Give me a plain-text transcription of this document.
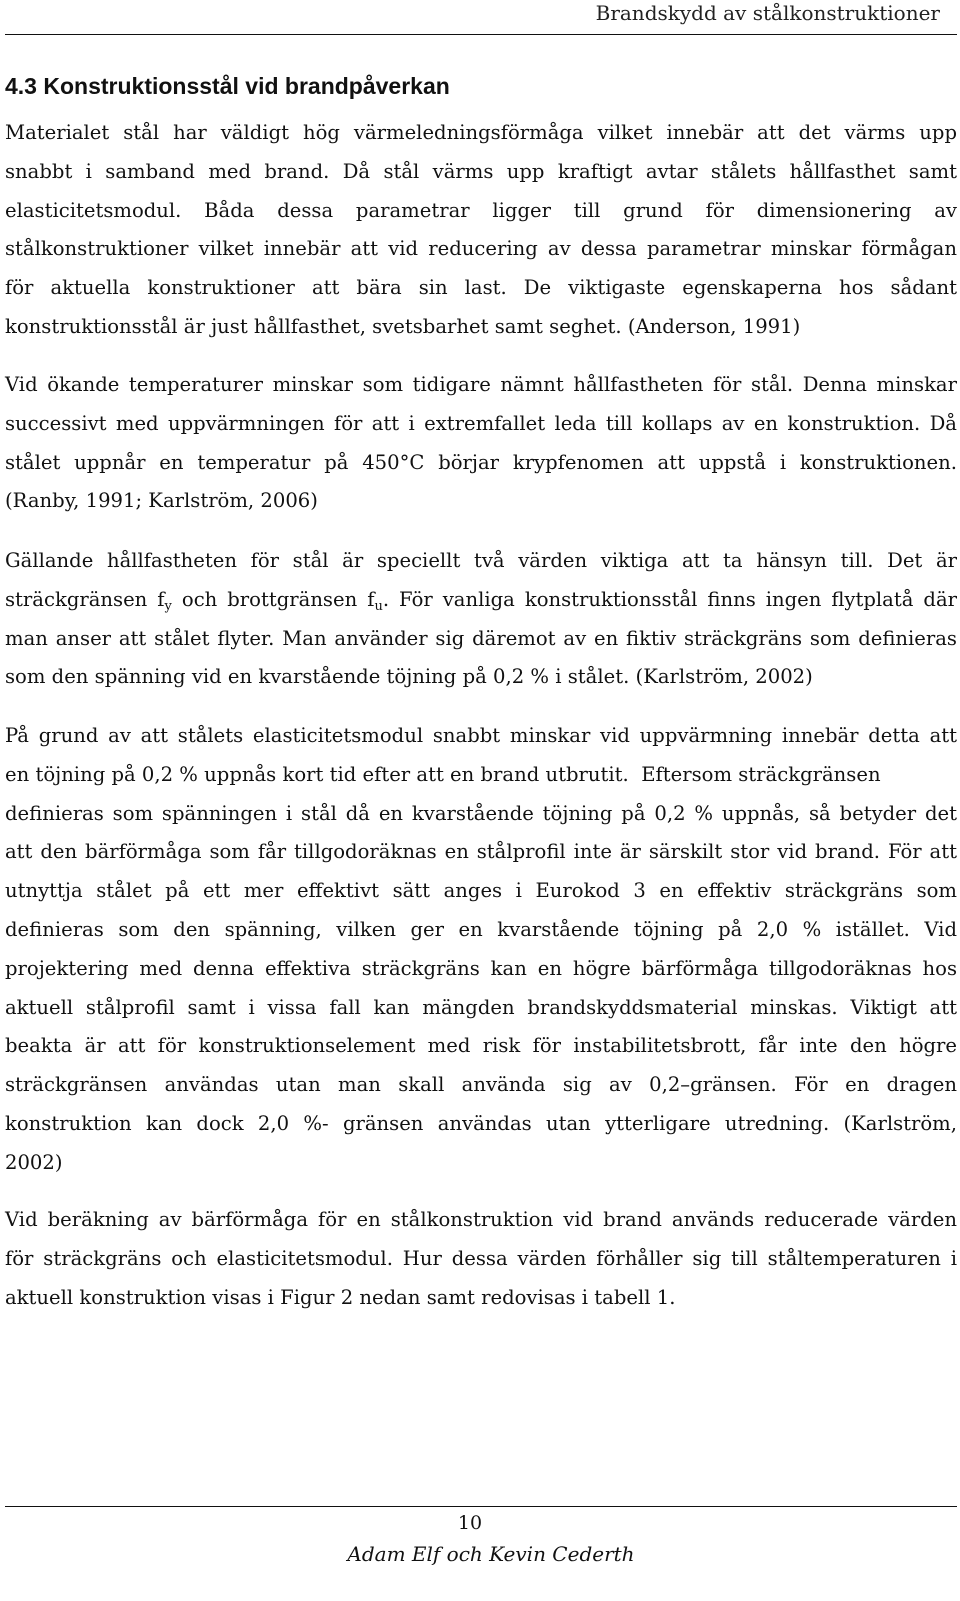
Brandskydd av stålkonstruktioner
4.3 Konstruktionsstål vid brandpåverkan
Materialet stål har väldigt hög värmeledningsförmåga vilket innebär att det värms upp
snabbt i samband med brand. Då stål värms upp kraftigt avtar stålets hållfasthet samt
elasticitetsmodul. Båda dessa parametrar ligger till grund för dimensionering av
stålkonstruktioner vilket innebär att vid reducering av dessa parametrar minskar förmågan
för aktuella konstruktioner att bära sin last. De viktigaste egenskaperna hos sådant
konstruktionsstål är just hållfasthet, svetsbarhet samt seghet. (Anderson, 1991)
Vid ökande temperaturer minskar som tidigare nämnt hållfastheten för stål. Denna minskar
successivt med uppvärmningen för att i extremfallet leda till kollaps av en konstruktion. Då
stålet uppnår en temperatur på 450°C börjar krypfenomen att uppstå i konstruktionen.
(Ranby, 1991; Karlström, 2006)
Gällande hållfastheten för stål är speciellt två värden viktiga att ta hänsyn till. Det är
sträckgränsen $f_y$ och brottgränsen $f_u$. För vanliga konstruktionsstål finns ingen flytplatå där
man anser att stålet flyter. Man använder sig däremot av en fiktiv sträckgräns som definieras
som den spänning vid en kvarstående töjning på 0,2 % i stålet. (Karlström, 2002)
På grund av att stålets elasticitetsmodul snabbt minskar vid uppvärmning innebär detta att
en töjning på 0,2 % uppnås kort tid efter att en brand utbrutit.  Eftersom sträckgränsen
definieras som spänningen i stål då en kvarstående töjning på 0,2 % uppnås, så betyder det
att den bärförmåga som får tillgodoräknas en stålprofil inte är särskilt stor vid brand. För att
utnyttja stålet på ett mer effektivt sätt anges i Eurokod 3 en effektiv sträckgräns som
definieras som den spänning, vilken ger en kvarstående töjning på 2,0 % istället. Vid
projektering med denna effektiva sträckgräns kan en högre bärförmåga tillgodoräknas hos
aktuell stålprofil samt i vissa fall kan mängden brandskyddsmaterial minskas. Viktigt att
beakta är att för konstruktionselement med risk för instabilitetsbrott, får inte den högre
sträckgränsen användas utan man skall använda sig av 0,2–gränsen. För en dragen
konstruktion kan dock 2,0 %- gränsen användas utan ytterligare utredning. (Karlström,
2002)
Vid beräkning av bärförmåga för en stålkonstruktion vid brand används reducerade värden
för sträckgräns och elasticitetsmodul. Hur dessa värden förhåller sig till ståltemperaturen i
aktuell konstruktion visas i Figur 2 nedan samt redovisas i tabell 1.
10
Adam Elf och Kevin Cederth
